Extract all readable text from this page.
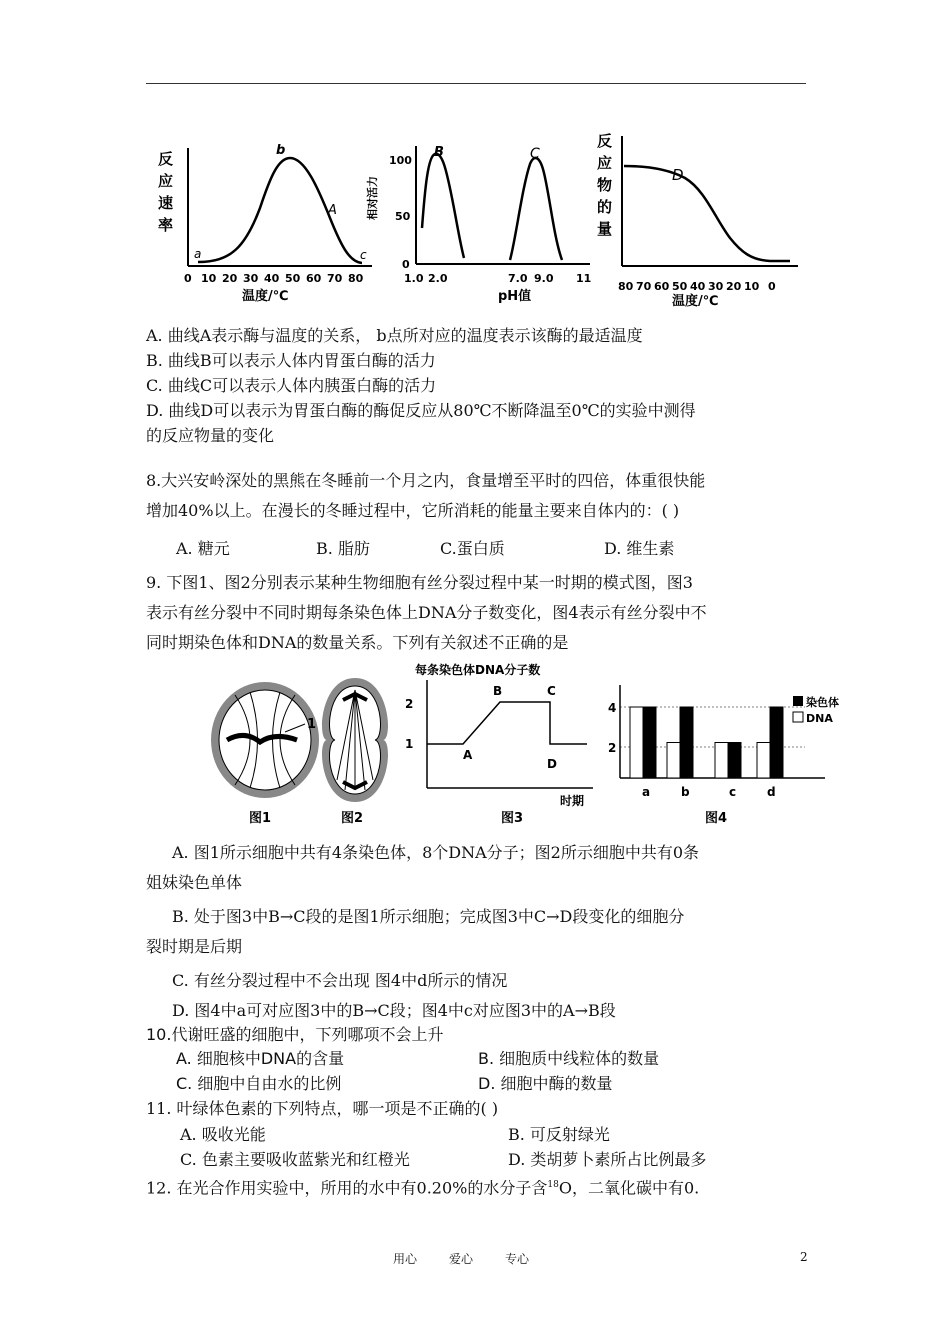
反
应
速
率
a
b
A
c
0 10 20 30 40 50 60 70 80
温度/℃
相对活力
100
50
0
B	C
1.0 2.0	7.0 9.0 11
pH值
反
应
物
的
量
D
80 70 60 50 40 30 20 10 0
温度/℃
A. 曲线A表示酶与温度的关系， b点所对应的温度表示该酶的最适温度
B. 曲线B可以表示人体内胃蛋白酶的活力
C. 曲线C可以表示人体内胰蛋白酶的活力
D. 曲线D可以表示为胃蛋白酶的酶促反应从80℃不断降温至0℃的实验中测得
的反应物量的变化
8.大兴安岭深处的黑熊在冬睡前一个月之内，食量增至平时的四倍，体重很快能
增加40%以上。在漫长的冬睡过程中，它所消耗的能量主要来自体内的：( )
A. 糖元	B. 脂肪	C.蛋白质	D. 维生素
9. 下图1、图2分别表示某种生物细胞有丝分裂过程中某一时期的模式图，图3
表示有丝分裂中不同时期每条染色体上DNA分子数变化，图4表示有丝分裂中不
同时期染色体和DNA的数量关系。下列有关叙述不正确的是
1
图1	图2
每条染色体DNA分子数
2
1
A
B	C
D
时期
图3
4
2
a	b	c	d
染色体
DNA
图4
A. 图1所示细胞中共有4条染色体，8个DNA分子；图2所示细胞中共有0条
姐妹染色单体
B. 处于图3中B→C段的是图1所示细胞；完成图3中C→D段变化的细胞分
裂时期是后期
C. 有丝分裂过程中不会出现 图4中d所示的情况
D. 图4中a可对应图3中的B→C段；图4中c对应图3中的A→B段
10.代谢旺盛的细胞中，下列哪项不会上升
A. 细胞核中DNA的含量	B. 细胞质中线粒体的数量
C. 细胞中自由水的比例	D. 细胞中酶的数量
11. 叶绿体色素的下列特点，哪一项是不正确的( )
A. 吸收光能	B. 可反射绿光
C. 色素主要吸收蓝紫光和红橙光	D. 类胡萝卜素所占比例最多
12. 在光合作用实验中，所用的水中有0.20%的水分子含$^{18}$O，二氧化碳中有0.
用心	爱心	专心	2
